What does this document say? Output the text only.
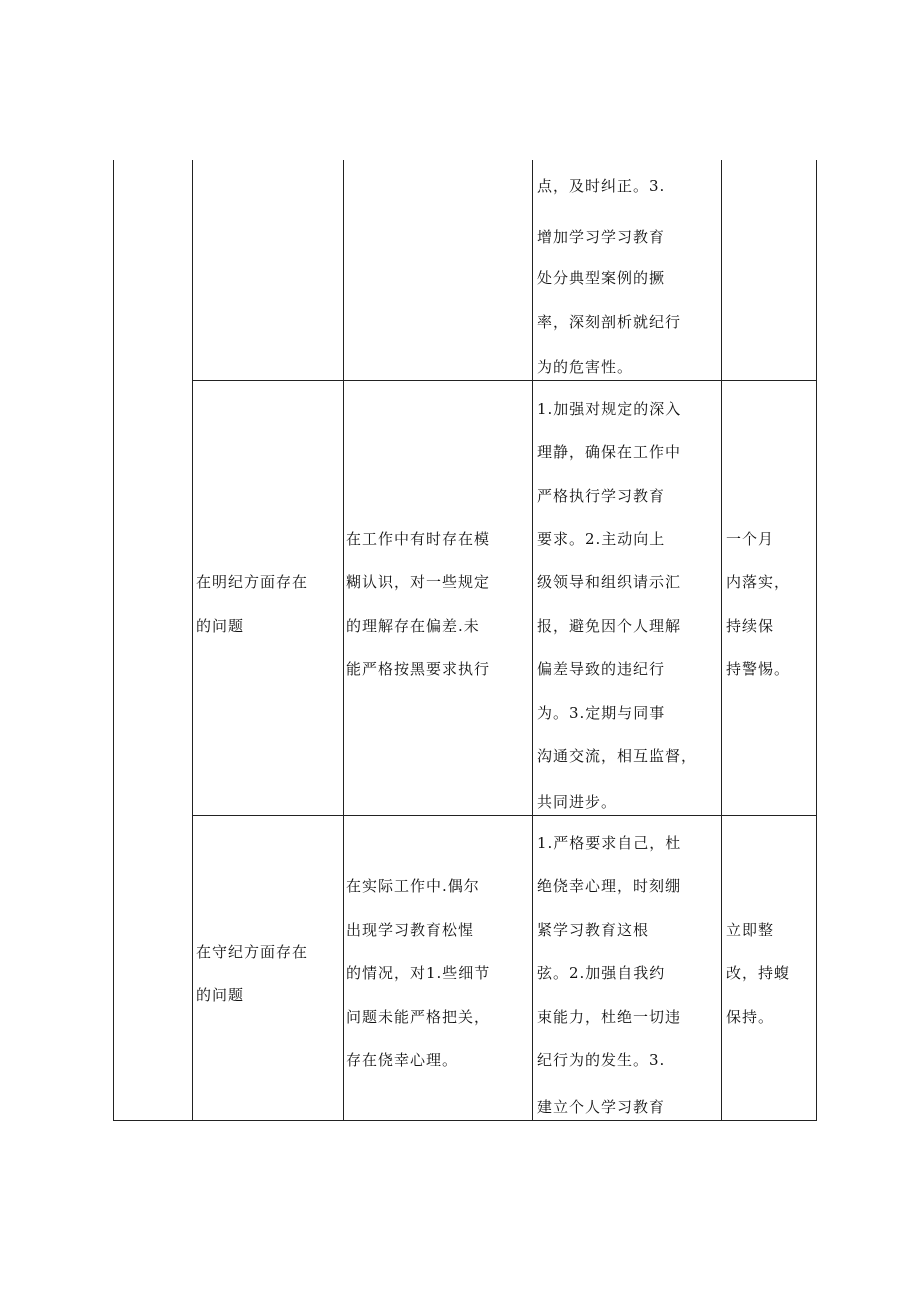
点，及时纠正。3.
增加学习学习教育
处分典型案例的撅
率，深刻剖析就纪行
为的危害性。
在明纪方面存在
的问题
在工作中有时存在模
糊认识，对一些规定
的理解存在偏差.未
能严格按黑要求执行
1.加强对规定的深入
理静，确保在工作中
严格执行学习教育
要求。2.主动向上
级领导和组织请示汇
报，避免因个人理解
偏差导致的违纪行
为。3.定期与同事
沟通交流，相互监督，
共同进步。
一个月
内落实，
持续保
持警惕。
在守纪方面存在
的问题
在实际工作中.偶尔
出现学习教育松惺
的情况，对1.些细节
问题未能严格把关，
存在侥幸心理。
1.严格要求自己，杜
绝侥幸心理，时刻绷
紧学习教育这根
弦。2.加强自我约
束能力，杜绝一切违
纪行为的发生。3.
建立个人学习教育
立即整
改，持蝮
保持。
